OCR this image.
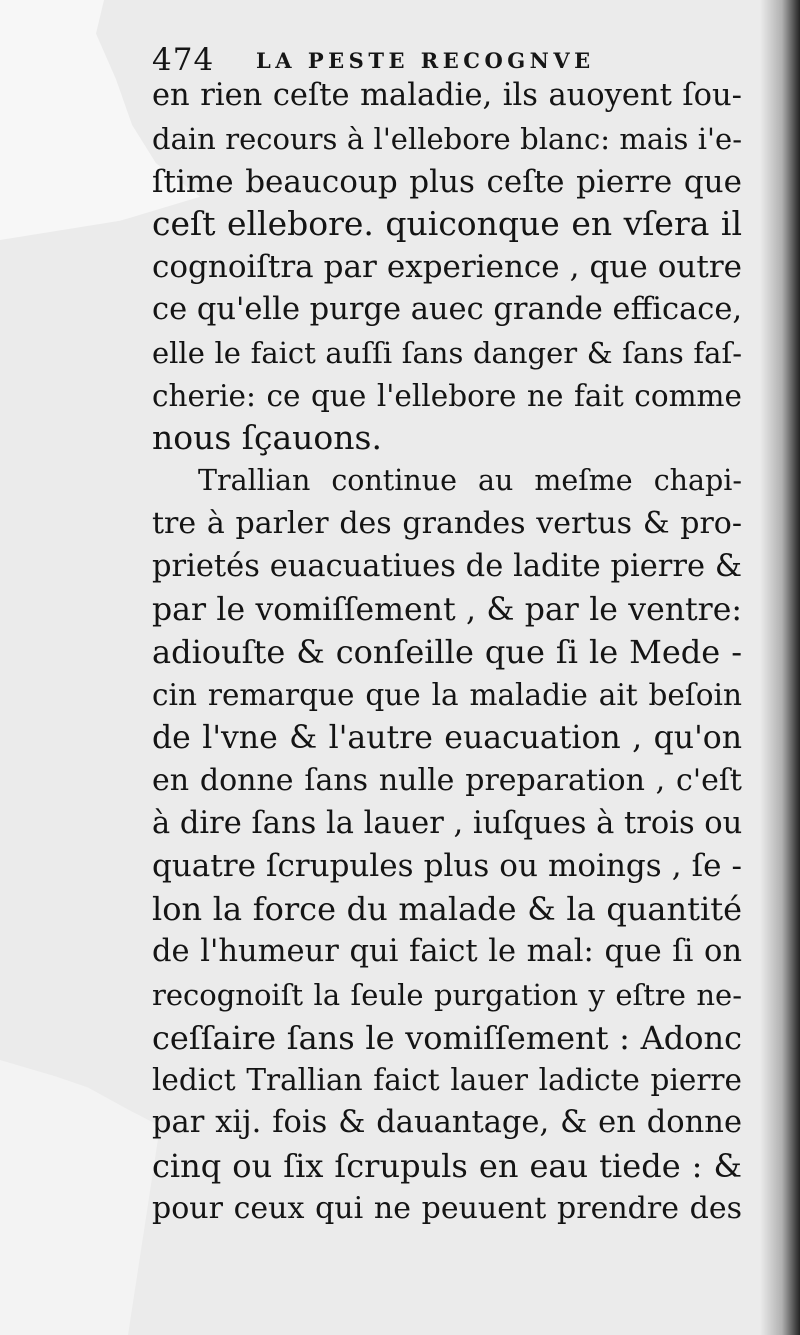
474 LA PESTE RECOGNVE
en rien ceſte maladie, ils auoyent ſou-
dain recours à l'ellebore blanc: mais i'e-
ſtime beaucoup plus ceſte pierre que
ceſt ellebore. quiconque en vſera il
cognoiſtra par experience , que outre
ce qu'elle purge auec grande efficace,
elle le faict auſſi ſans danger & ſans faſ-
cherie: ce que l'ellebore ne fait comme
nous ſçauons.
Trallian continue au meſme chapi-
tre à parler des grandes vertus & pro-
prietés euacuatiues de ladite pierre &
par le vomiſſement , & par le ventre:
adiouſte & conſeille que ſi le Mede -
cin remarque que la maladie ait beſoin
de l'vne & l'autre euacuation , qu'on
en donne ſans nulle preparation , c'eſt
à dire ſans la lauer , iuſques à trois ou
quatre ſcrupules plus ou moings , ſe -
lon la force du malade & la quantité
de l'humeur qui faict le mal: que ſi on
recognoiſt la ſeule purgation y eſtre ne-
ceſſaire ſans le vomiſſement : Adonc
ledict Trallian faict lauer ladicte pierre
par xij. fois & dauantage, & en donne
cinq ou ſix ſcrupuls en eau tiede : &
pour ceux qui ne peuuent prendre des
